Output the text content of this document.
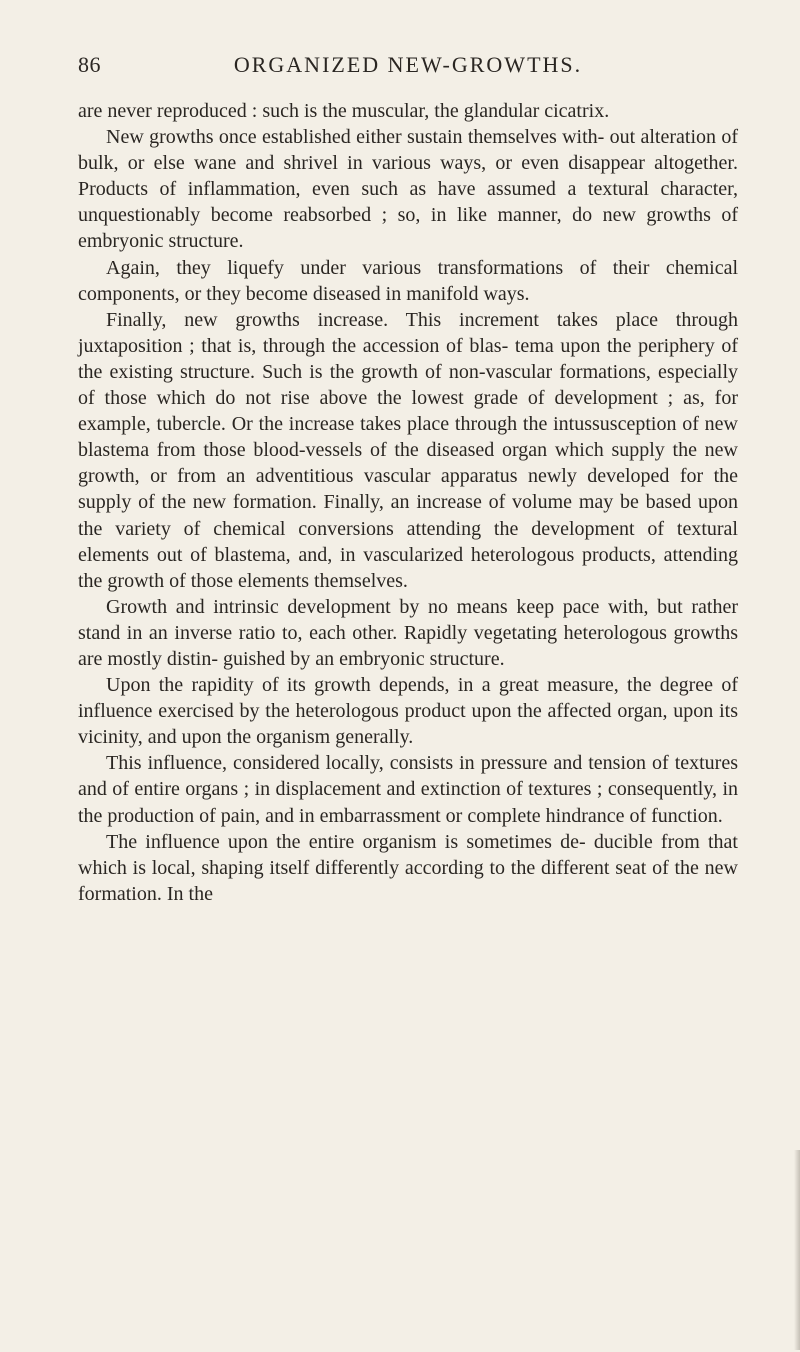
86	ORGANIZED NEW-GROWTHS.

are never reproduced : such is the muscular, the glandular cicatrix.

New growths once established either sustain themselves with- out alteration of bulk, or else wane and shrivel in various ways, or even disappear altogether. Products of inflammation, even such as have assumed a textural character, unquestionably become reabsorbed ; so, in like manner, do new growths of embryonic structure.

Again, they liquefy under various transformations of their chemical components, or they become diseased in manifold ways.

Finally, new growths increase. This increment takes place through juxtaposition ; that is, through the accession of blas- tema upon the periphery of the existing structure. Such is the growth of non-vascular formations, especially of those which do not rise above the lowest grade of development ; as, for example, tubercle. Or the increase takes place through the intussusception of new blastema from those blood-vessels of the diseased organ which supply the new growth, or from an adventitious vascular apparatus newly developed for the supply of the new formation. Finally, an increase of volume may be based upon the variety of chemical conversions attending the development of textural elements out of blastema, and, in vascularized heterologous products, attending the growth of those elements themselves.

Growth and intrinsic development by no means keep pace with, but rather stand in an inverse ratio to, each other. Rapidly vegetating heterologous growths are mostly distin- guished by an embryonic structure.

Upon the rapidity of its growth depends, in a great measure, the degree of influence exercised by the heterologous product upon the affected organ, upon its vicinity, and upon the organism generally.

This influence, considered locally, consists in pressure and tension of textures and of entire organs ; in displacement and extinction of textures ; consequently, in the production of pain, and in embarrassment or complete hindrance of function.

The influence upon the entire organism is sometimes de- ducible from that which is local, shaping itself differently according to the different seat of the new formation. In the
